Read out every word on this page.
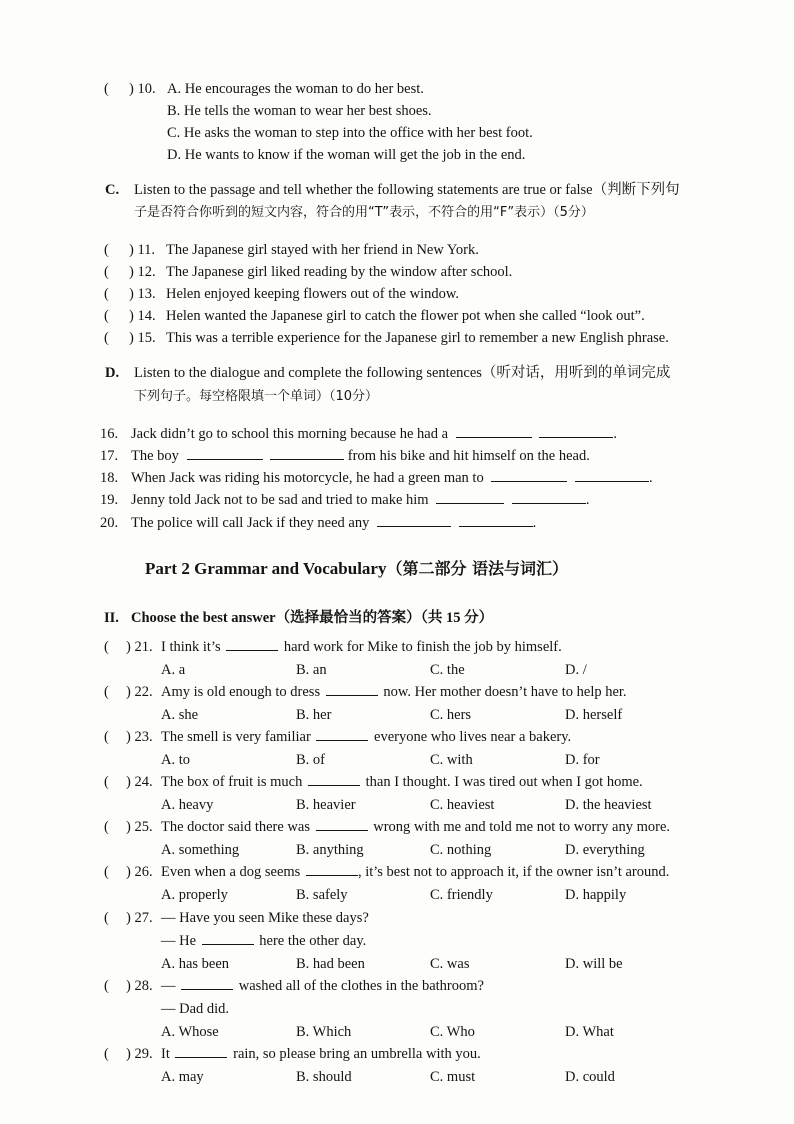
( ) 10. A. He encourages the woman to do her best.
B. He tells the woman to wear her best shoes.
C. He asks the woman to step into the office with her best foot.
D. He wants to know if the woman will get the job in the end.
C. Listen to the passage and tell whether the following statements are true or false（判断下列句
子是否符合你听到的短文内容，符合的用“T”表示，不符合的用“F”表示）（5分）
( ) 11. The Japanese girl stayed with her friend in New York.
( ) 12. The Japanese girl liked reading by the window after school.
( ) 13. Helen enjoyed keeping flowers out of the window.
( ) 14. Helen wanted the Japanese girl to catch the flower pot when she called “look out”.
( ) 15. This was a terrible experience for the Japanese girl to remember a new English phrase.
D. Listen to the dialogue and complete the following sentences（听对话，用听到的单词完成
下列句子。每空格限填一个单词）（10分）
16. Jack didn’t go to school this morning because he had a	.
17. The boy	from his bike and hit himself on the head.
18. When Jack was riding his motorcycle, he had a green man to	.
19. Jenny told Jack not to be sad and tried to make him	.
20. The police will call Jack if they need any	.
Part 2 Grammar and Vocabulary（第二部分 语法与词汇）
II. Choose the best answer（选择最恰当的答案）（共 15 分）
( ) 21. I think it’s	hard work for Mike to finish the job by himself.
A. a	B. an	C. the	D. /
( ) 22. Amy is old enough to dress	now. Her mother doesn’t have to help her.
A. she	B. her	C. hers	D. herself
( ) 23. The smell is very familiar	everyone who lives near a bakery.
A. to	B. of	C. with	D. for
( ) 24. The box of fruit is much	than I thought. I was tired out when I got home.
A. heavy	B. heavier	C. heaviest	D. the heaviest
( ) 25. The doctor said there was	wrong with me and told me not to worry any more.
A. something	B. anything	C. nothing	D. everything
( ) 26. Even when a dog seems	, it’s best not to approach it, if the owner isn’t around.
A. properly	B. safely	C. friendly	D. happily
( ) 27. — Have you seen Mike these days?
— He	here the other day.
A. has been	B. had been	C. was	D. will be
( ) 28. —	washed all of the clothes in the bathroom?
— Dad did.
A. Whose	B. Which	C. Who	D. What
( ) 29. It	rain, so please bring an umbrella with you.
A. may	B. should	C. must	D. could
